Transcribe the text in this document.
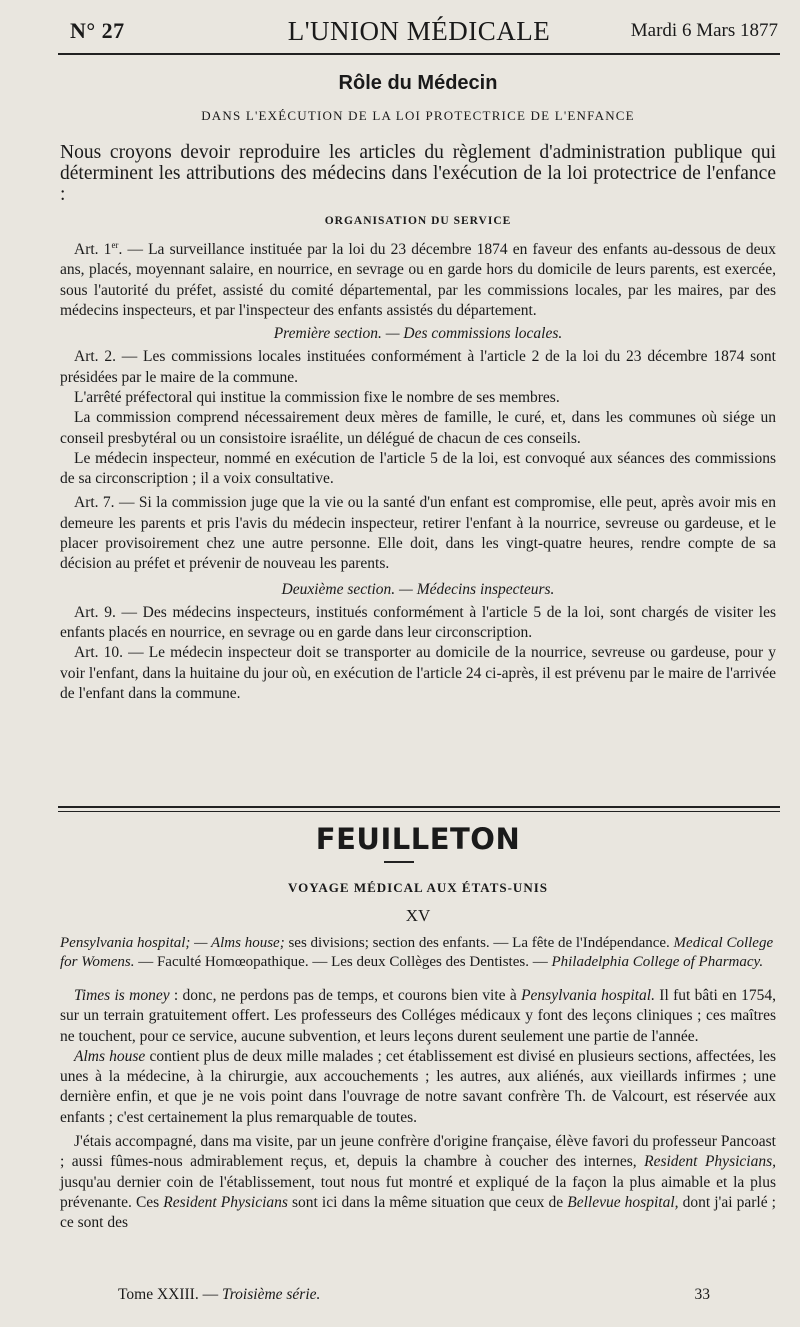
N° 27	L'UNION MÉDICALE	Mardi 6 Mars 1877
Rôle du Médecin
DANS L'EXÉCUTION DE LA LOI PROTECTRICE DE L'ENFANCE
Nous croyons devoir reproduire les articles du règlement d'administration publique qui déterminent les attributions des médecins dans l'exécution de la loi protectrice de l'enfance :
ORGANISATION DU SERVICE

Art. 1er. — La surveillance instituée par la loi du 23 décembre 1874 en faveur des enfants au-dessous de deux ans, placés, moyennant salaire, en nourrice, en sevrage ou en garde hors du domicile de leurs parents, est exercée, sous l'autorité du préfet, assisté du comité départemental, par les commissions locales, par les maires, par des médecins inspecteurs, et par l'inspecteur des enfants assistés du département.

Première section. — Des commissions locales.

Art. 2. — Les commissions locales instituées conformément à l'article 2 de la loi du 23 décembre 1874 sont présidées par le maire de la commune.

L'arrêté préfectoral qui institue la commission fixe le nombre de ses membres.

La commission comprend nécessairement deux mères de famille, le curé, et, dans les communes où siége un conseil presbytéral ou un consistoire israélite, un délégué de chacun de ces conseils.

Le médecin inspecteur, nommé en exécution de l'article 5 de la loi, est convoqué aux séances des commissions de sa circonscription ; il a voix consultative.

Art. 7. — Si la commission juge que la vie ou la santé d'un enfant est compromise, elle peut, après avoir mis en demeure les parents et pris l'avis du médecin inspecteur, retirer l'enfant à la nourrice, sevreuse ou gardeuse, et le placer provisoirement chez une autre personne. Elle doit, dans les vingt-quatre heures, rendre compte de sa décision au préfet et prévenir de nouveau les parents.

Deuxième section. — Médecins inspecteurs.

Art. 9. — Des médecins inspecteurs, institués conformément à l'article 5 de la loi, sont chargés de visiter les enfants placés en nourrice, en sevrage ou en garde dans leur circonscription.

Art. 10. — Le médecin inspecteur doit se transporter au domicile de la nourrice, sevreuse ou gardeuse, pour y voir l'enfant, dans la huitaine du jour où, en exécution de l'article 24 ci-après, il est prévenu par le maire de l'arrivée de l'enfant dans la commune.

FEUILLETON
VOYAGE MÉDICAL AUX ÉTATS-UNIS
XV
Pensylvania hospital; — Alms house; ses divisions; section des enfants. — La fête de l'Indépendance. Medical College for Womens. — Faculté Homœopathique. — Les deux Collèges des Dentistes. — Philadelphia College of Pharmacy.

Times is money : donc, ne perdons pas de temps, et courons bien vite à Pensylvania hospital. Il fut bâti en 1754, sur un terrain gratuitement offert. Les professeurs des Colléges médicaux y font des leçons cliniques ; ces maîtres ne touchent, pour ce service, aucune subvention, et leurs leçons durent seulement une partie de l'année.

Alms house contient plus de deux mille malades ; cet établissement est divisé en plusieurs sections, affectées, les unes à la médecine, à la chirurgie, aux accouchements ; les autres, aux aliénés, aux vieillards infirmes ; une dernière enfin, et que je ne vois point dans l'ouvrage de notre savant confrère Th. de Valcourt, est réservée aux enfants ; c'est certainement la plus remarquable de toutes.

J'étais accompagné, dans ma visite, par un jeune confrère d'origine française, élève favori du professeur Pancoast ; aussi fûmes-nous admirablement reçus, et, depuis la chambre à coucher des internes, Resident Physicians, jusqu'au dernier coin de l'établissement, tout nous fut montré et expliqué de la façon la plus aimable et la plus prévenante. Ces Resident Physicians sont ici dans la même situation que ceux de Bellevue hospital, dont j'ai parlé ; ce sont des

Tome XXIII. — Troisième série.	33
